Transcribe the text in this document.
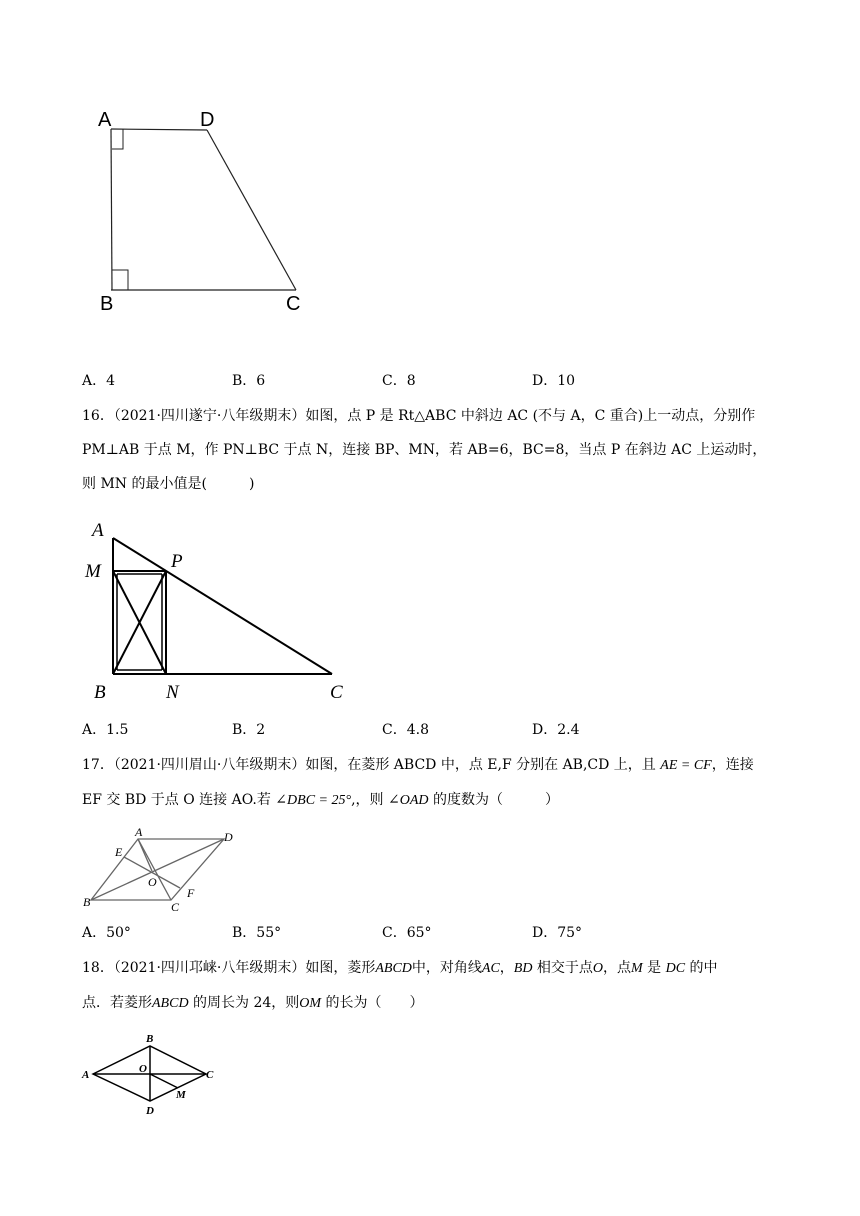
A	D
B	C
A．4	B．6	C．8	D．10
16．（2021·四川遂宁·八年级期末）如图，点 P 是 Rt△ABC 中斜边 AC (不与 A，C 重合)上一动点，分别作
PM⊥AB 于点 M，作 PN⊥BC 于点 N，连接 BP、MN，若 AB=6，BC=8，当点 P 在斜边 AC 上运动时，
则 MN 的最小值是(　　　)
A
M	P
B	N	C
A．1.5	B．2	C．4.8	D．2.4
17．（2021·四川眉山·八年级期末）如图，在菱形 ABCD 中，点 E,F 分别在 AB,CD 上，且 AE = CF，连接
EF 交 BD 于点 O 连接 AO.若 ∠DBC = 25°,，则 ∠OAD 的度数为（　　　）
A	D
E
O
F
B	C
A．50°	B．55°	C．65°	D．75°
18．（2021·四川邛崃·八年级期末）如图，菱形ABCD中，对角线AC，BD 相交于点O，点M 是 DC 的中
点．若菱形ABCD 的周长为 24，则OM 的长为（　　）
B
A	O	C
M
D
